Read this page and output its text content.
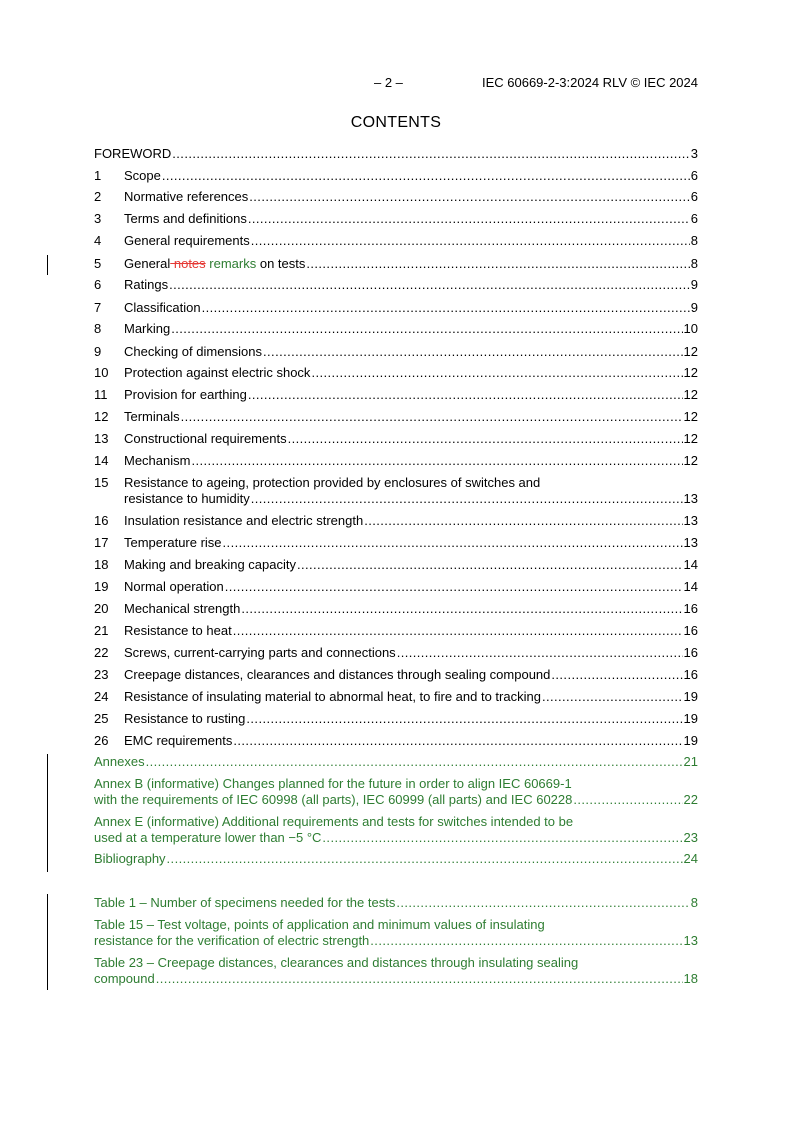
– 2 –	IEC 60669-2-3:2024 RLV © IEC 2024
CONTENTS
FOREWORD .....	3
1	Scope .....	6
2	Normative references .....	6
3	Terms and definitions .....	6
4	General requirements .....	8
5	General notes remarks on tests .....	8
6	Ratings .....	9
7	Classification .....	9
8	Marking .....	10
9	Checking of dimensions .....	12
10	Protection against electric shock .....	12
11	Provision for earthing .....	12
12	Terminals .....	12
13	Constructional requirements .....	12
14	Mechanism .....	12
15 Resistance to ageing, protection provided by enclosures of switches and
resistance to humidity .....	13
16	Insulation resistance and electric strength .....	13
17	Temperature rise .....	13
18	Making and breaking capacity .....	14
19	Normal operation .....	14
20	Mechanical strength .....	16
21	Resistance to heat .....	16
22	Screws, current-carrying parts and connections .....	16
23	Creepage distances, clearances and distances through sealing compound .....	16
24	Resistance of insulating material to abnormal heat, to fire and to tracking .....	19
25	Resistance to rusting .....	19
26	EMC requirements .....	19
Annexes .....	21
Annex B (informative) Changes planned for the future in order to align IEC 60669-1
with the requirements of IEC 60998 (all parts), IEC 60999 (all parts) and IEC 60228 .....	22
Annex E (informative) Additional requirements and tests for switches intended to be
used at a temperature lower than −5 °C .....	23
Bibliography .....	24
Table 1 – Number of specimens needed for the tests .....	8
Table 15 – Test voltage, points of application and minimum values of insulating
resistance for the verification of electric strength .....	13
Table 23 – Creepage distances, clearances and distances through insulating sealing
compound .....	18
